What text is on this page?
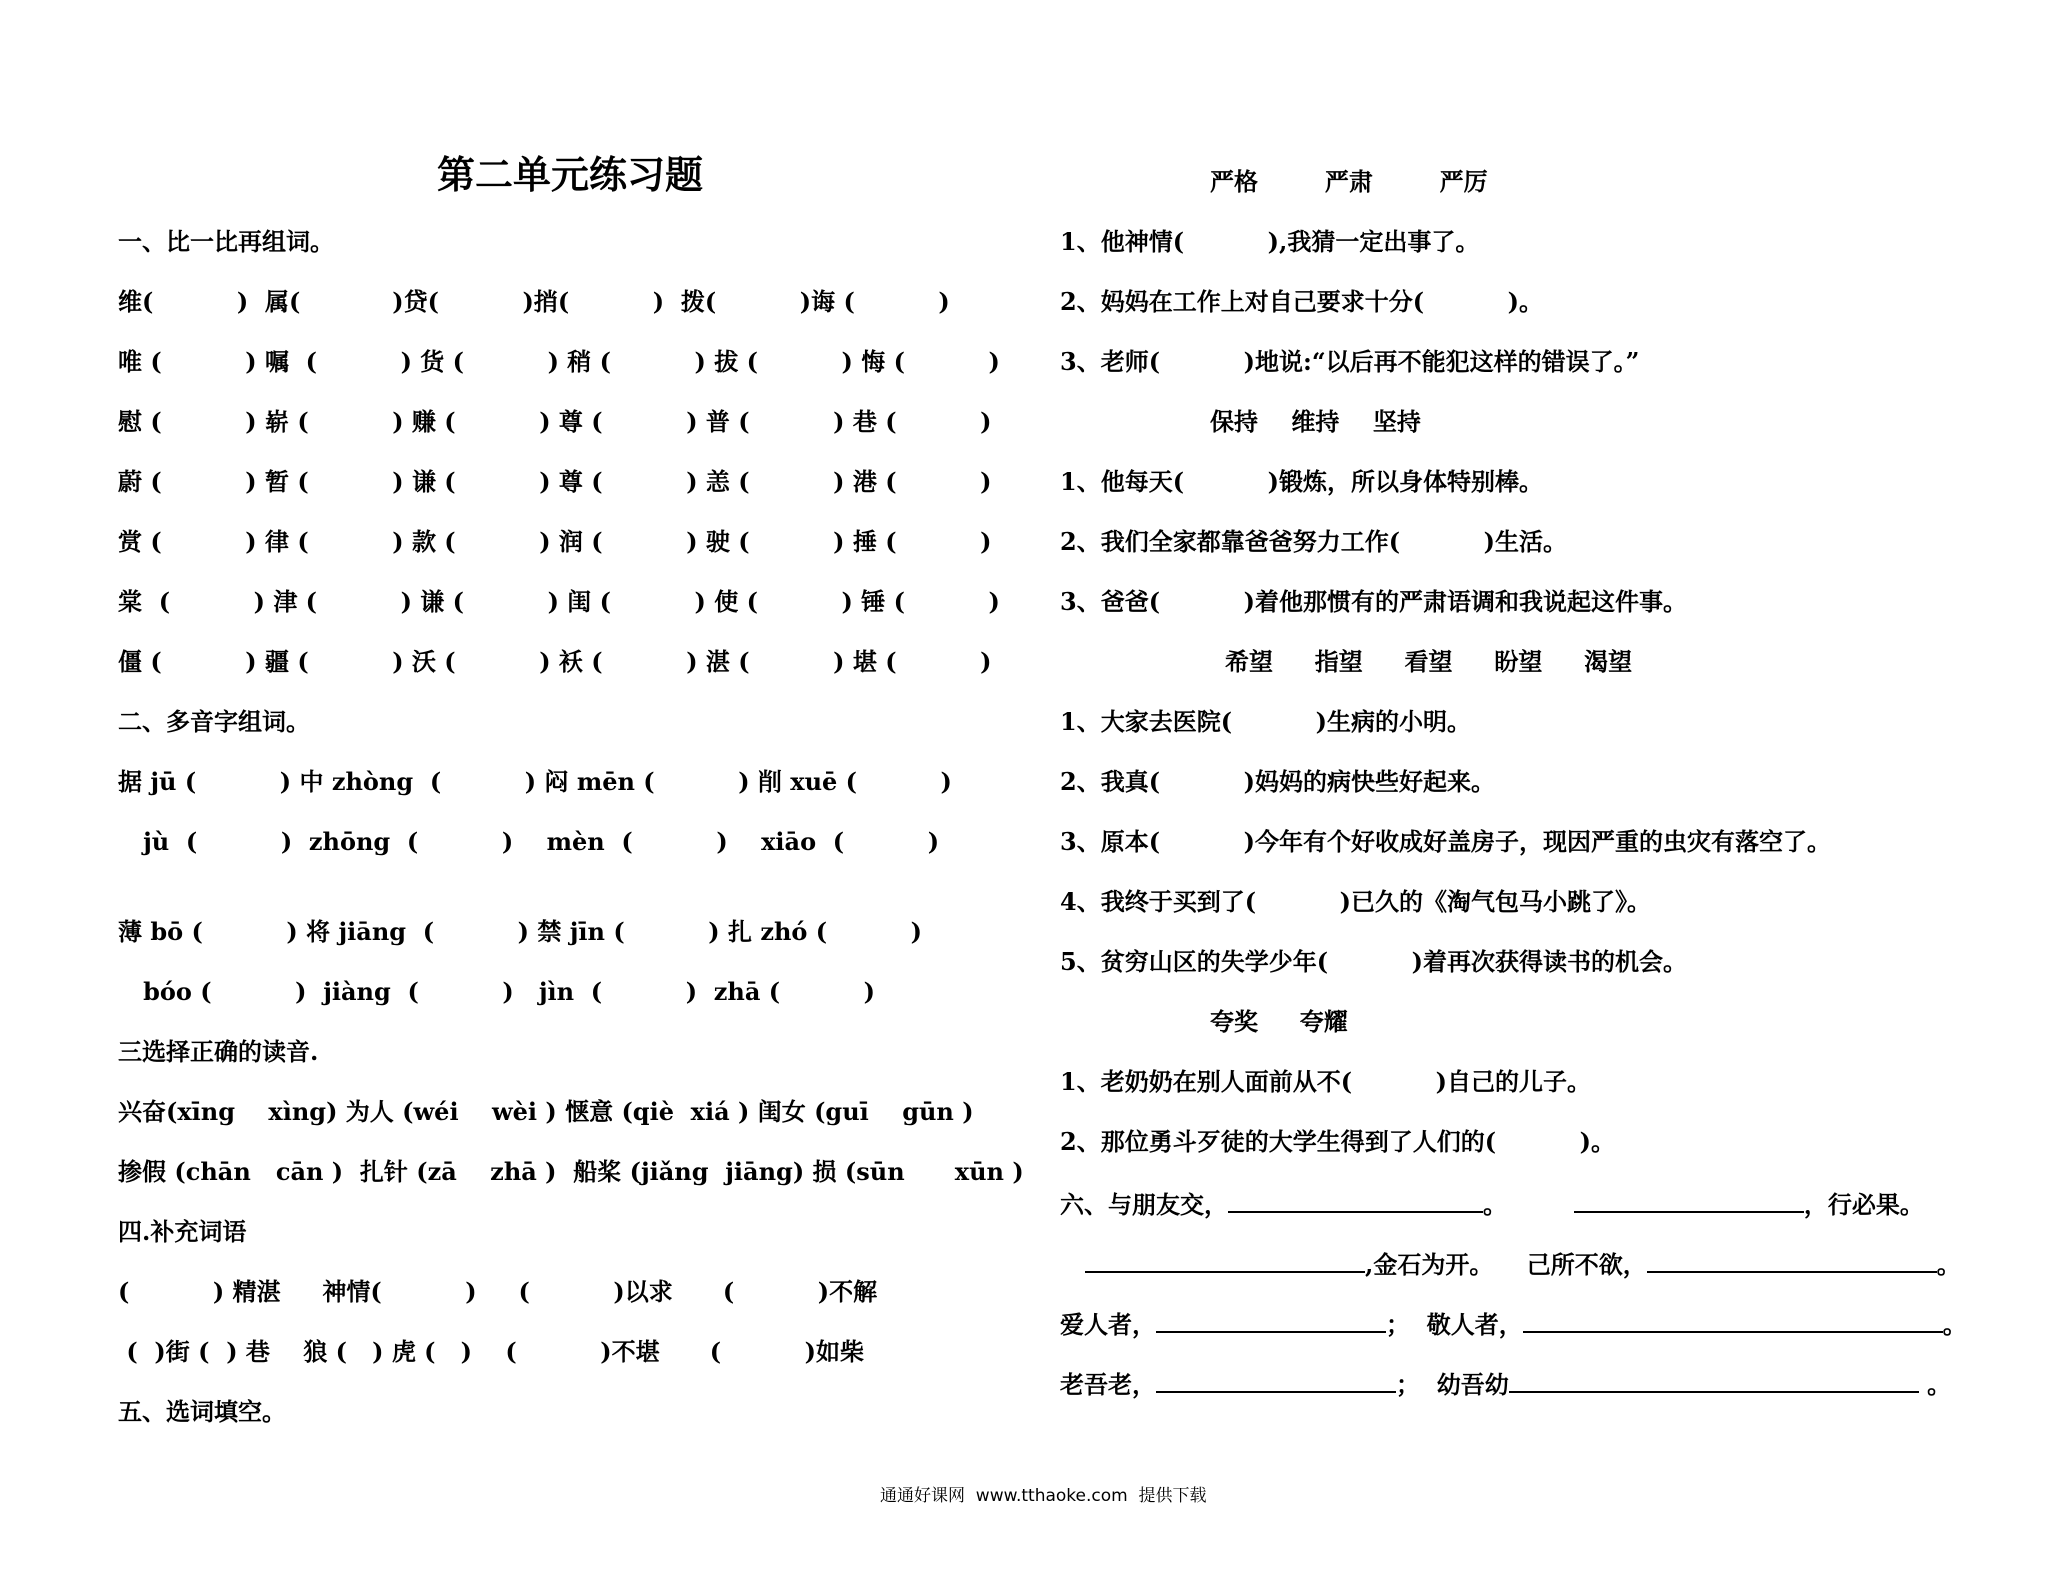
第二单元练习题
一、比一比再组词。
维(          )  属(           )贷(          )捎(          )  拨(          )诲 (          )
唯 (          ) 嘱  (          ) 货 (          ) 稍 (          ) 拔 (          ) 悔 (          )
慰 (          ) 崭 (          ) 赚 (          ) 尊 (          ) 普 (          ) 巷 (          )
蔚 (          ) 暂 (          ) 谦 (          ) 尊 (          ) 恙 (          ) 港 (          )
赏 (          ) 律 (          ) 款 (          ) 润 (          ) 驶 (          ) 捶 (          )
棠  (          ) 津 (          ) 谦 (          ) 闺 (          ) 使 (          ) 锤 (          )
僵 (          ) 疆 (          ) 沃 (          ) 袄 (          ) 湛 (          ) 堪 (          )
二、多音字组词。
据 jū (          ) 中 zhòng  (          ) 闷 mēn (          ) 削 xuē (          )
jù  (          )  zhōng  (          )    mèn  (          )    xiāo  (          )
薄 bō (          ) 将 jiāng  (          ) 禁 jīn (          ) 扎 zhó (          )
bóo (          )  jiàng  (          )   jìn  (          )  zhā (          )
三选择正确的读音.
兴奋(xīng    xìng) 为人 (wéi    wèi ) 惬意 (qiè  xiá ) 闺女 (guī    gūn )
掺假 (chān   cān )  扎针 (zā    zhā )  船桨 (jiǎng  jiāng) 损 (sūn      xūn )
四.补充词语
(          ) 精湛     神情(          )     (          )以求      (          )不解
(  )街 (  ) 巷    狼 (   ) 虎 (   )    (          )不堪      (          )如柴
五、选词填空。
严格        严肃        严厉
1、他神情(          ),我猜一定出事了。
2、妈妈在工作上对自己要求十分(          )。
3、老师(          )地说:“以后再不能犯这样的错误了。”
保持    维持    坚持
1、他每天(          )锻炼，所以身体特别棒。
2、我们全家都靠爸爸努力工作(          )生活。
3、爸爸(          )着他那惯有的严肃语调和我说起这件事。
希望     指望     看望     盼望     渴望
1、大家去医院(          )生病的小明。
2、我真(          )妈妈的病快些好起来。
3、原本(          )今年有个好收成好盖房子，现因严重的虫灾有落空了。
4、我终于买到了(          )已久的《淘气包马小跳了》。
5、贫穷山区的失学少年(          )着再次获得读书的机会。
夸奖     夸耀
1、老奶奶在别人面前从不(          )自己的儿子。
2、那位勇斗歹徒的大学生得到了人们的(          )。
六、与朋友交，	。	，行必果。
,金石为开。 己所不欲，	。
爱人者，	；  敬人者，	。
老吾老，	；  幼吾幼	。
通通好课网  www.tthaoke.com  提供下载
